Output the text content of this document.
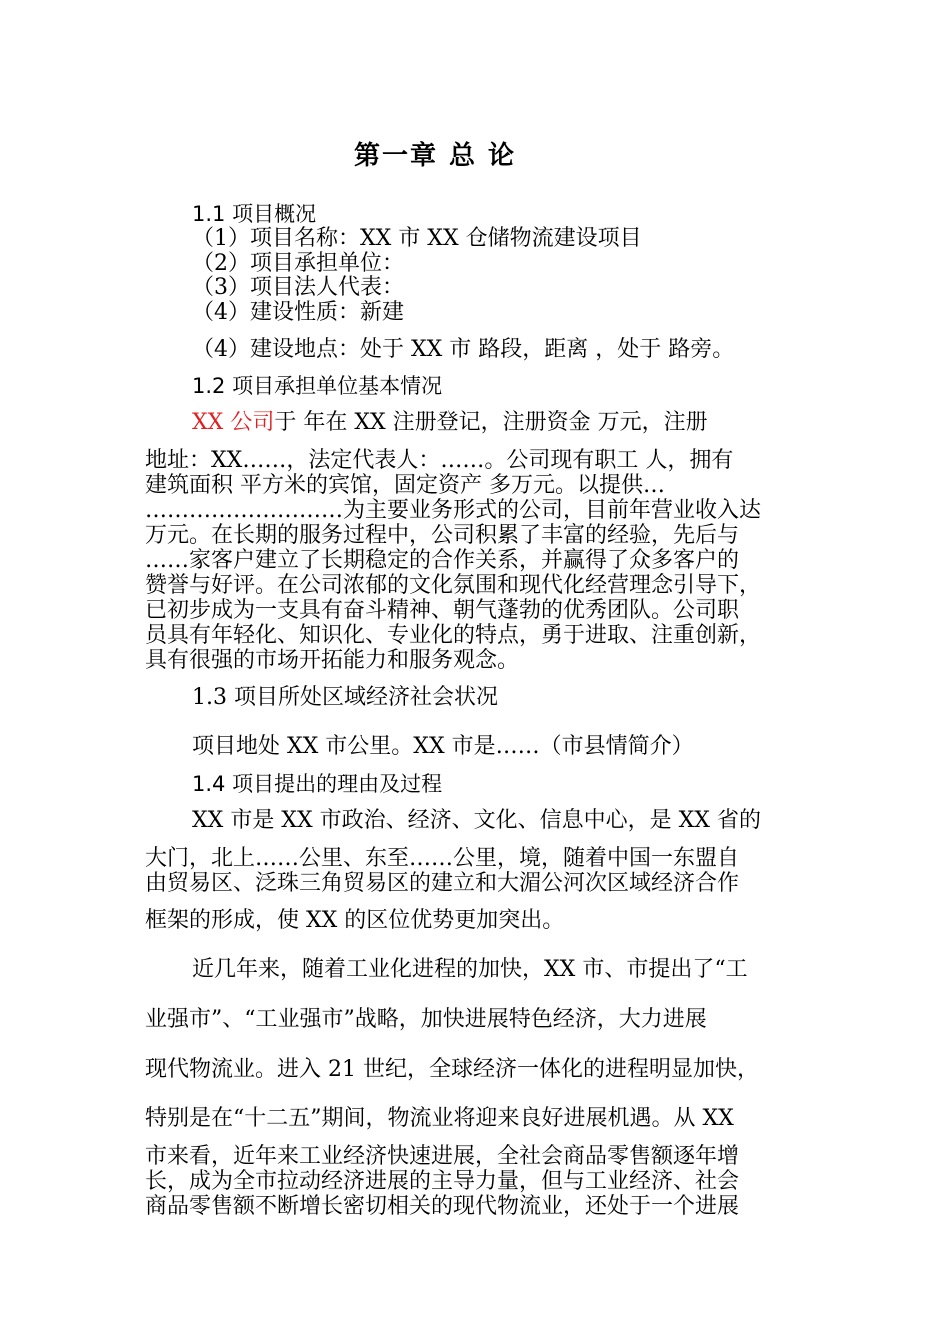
第一章 总 论
1.1 项目概况
（1）项目名称：XX 市 XX 仓储物流建设项目
（2）项目承担单位：
（3）项目法人代表：
（4）建设性质：新建
（4）建设地点：处于 XX 市 路段，距离 ，处于 路旁。
1.2 项目承担单位基本情况
XX 公司于 年在 XX 注册登记，注册资金 万元，注册
地址：XX……，法定代表人：……。公司现有职工 人，拥有
建筑面积 平方米的宾馆，固定资产 多万元。以提供…
………………………为主要业务形式的公司，目前年营业收入达
万元。在长期的服务过程中，公司积累了丰富的经验，先后与
……家客户建立了长期稳定的合作关系，并赢得了众多客户的
赞誉与好评。在公司浓郁的文化氛围和现代化经营理念引导下，
已初步成为一支具有奋斗精神、朝气蓬勃的优秀团队。公司职
员具有年轻化、知识化、专业化的特点，勇于进取、注重创新，
具有很强的市场开拓能力和服务观念。
1.3 项目所处区域经济社会状况
项目地处 XX 市公里。XX 市是……（市县情简介）
1.4 项目提出的理由及过程
XX 市是 XX 市政治、经济、文化、信息中心，是 XX 省的
大门，北上……公里、东至……公里，境，随着中国一东盟自
由贸易区、泛珠三角贸易区的建立和大湄公河次区域经济合作
框架的形成，使 XX 的区位优势更加突出。
近几年来，随着工业化进程的加快，XX 市、市提出了“工
业强市”、“工业强市”战略，加快进展特色经济，大力进展
现代物流业。进入 21 世纪，全球经济一体化的进程明显加快，
特别是在“十二五”期间，物流业将迎来良好进展机遇。从 XX
市来看，近年来工业经济快速进展，全社会商品零售额逐年增
长，成为全市拉动经济进展的主导力量，但与工业经济、社会
商品零售额不断增长密切相关的现代物流业，还处于一个进展
